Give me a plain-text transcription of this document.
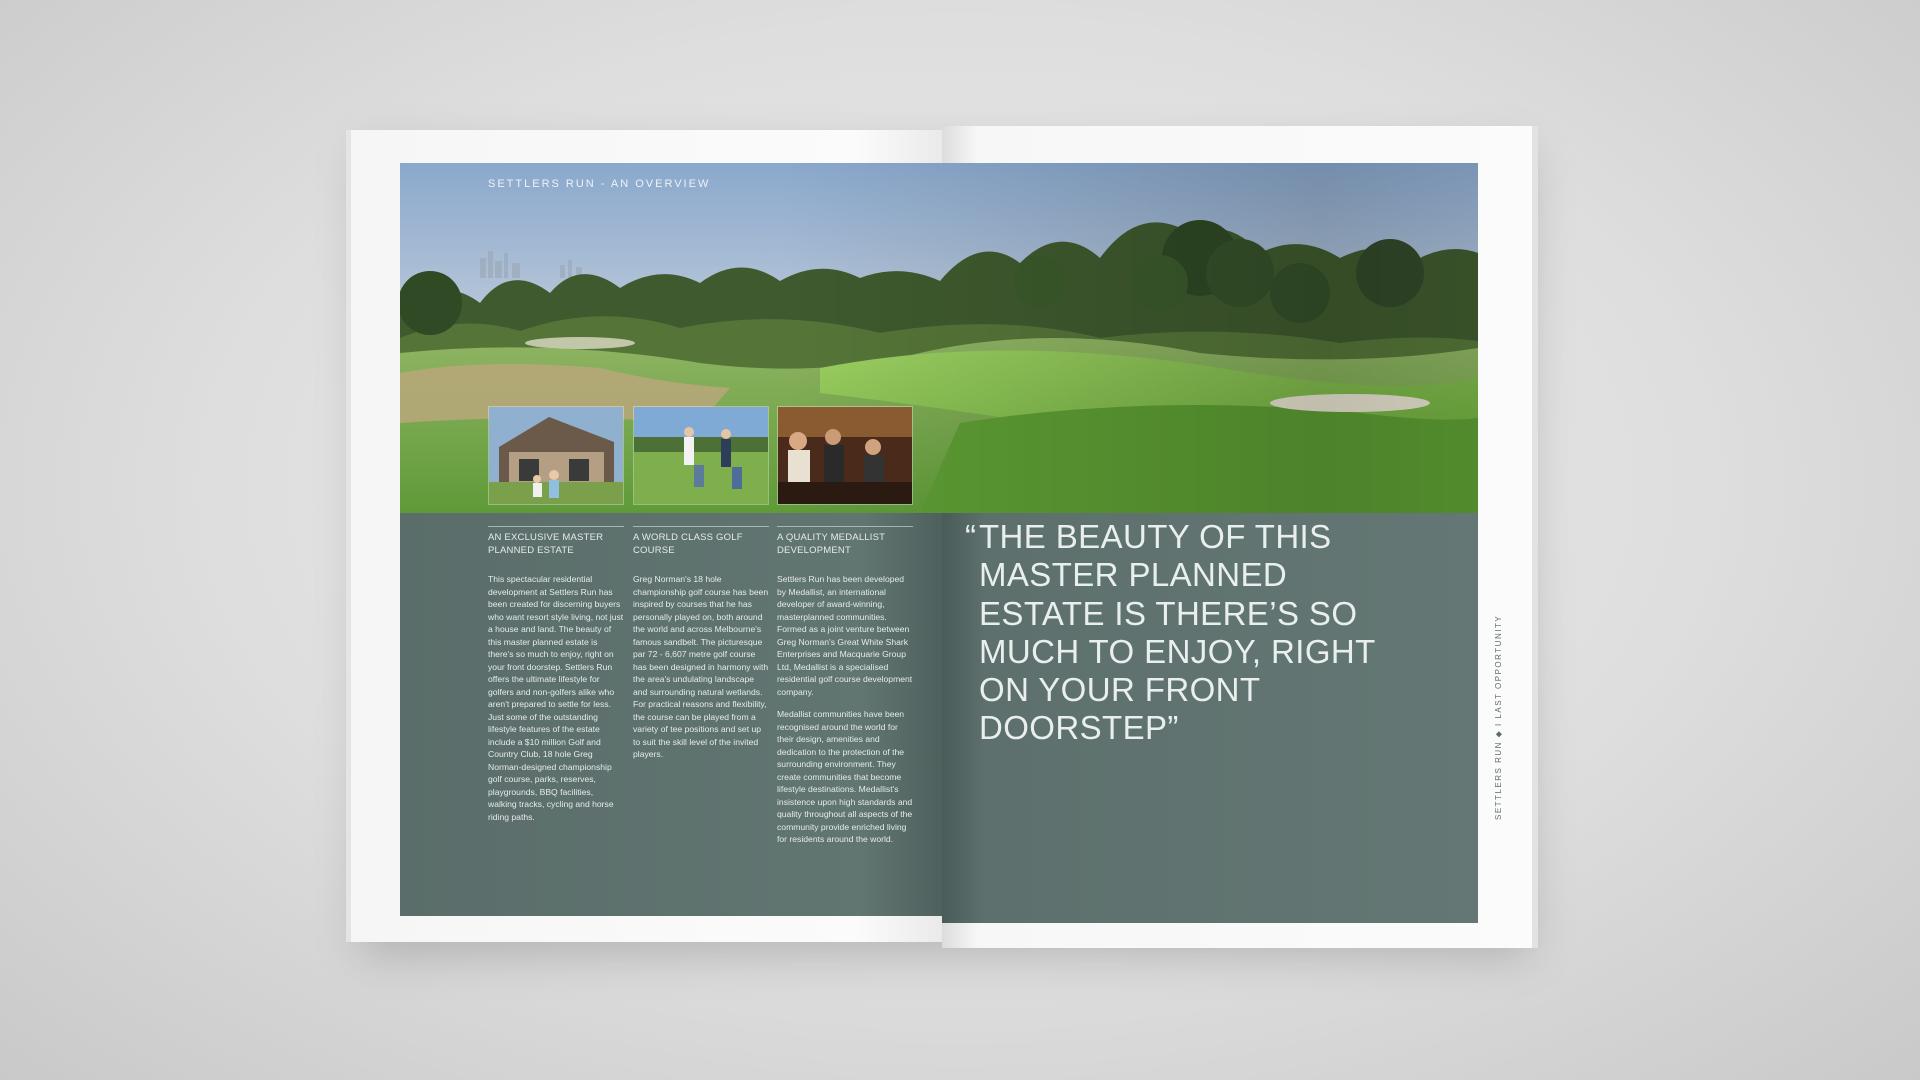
SETTLERS RUN - AN OVERVIEW
AN EXCLUSIVE MASTER PLANNED ESTATE

This spectacular residential development at Settlers Run has been created for discerning buyers who want resort style living, not just a house and land. The beauty of this master planned estate is there's so much to enjoy, right on your front doorstep. Settlers Run offers the ultimate lifestyle for golfers and non-golfers alike who aren't prepared to settle for less. Just some of the outstanding lifestyle features of the estate include a $10 million Golf and Country Club, 18 hole Greg Norman-designed championship golf course, parks, reserves, playgrounds, BBQ facilities, walking tracks, cycling and horse riding paths.

A WORLD CLASS GOLF COURSE

Greg Norman's 18 hole championship golf course has been inspired by courses that he has personally played on, both around the world and across Melbourne's famous sandbelt. The picturesque par 72 - 6,607 metre golf course has been designed in harmony with the area's undulating landscape and surrounding natural wetlands. For practical reasons and flexibility, the course can be played from a variety of tee positions and set up to suit the skill level of the invited players.

A QUALITY MEDALLIST DEVELOPMENT

Settlers Run has been developed by Medallist, an international developer of award-winning, masterplanned communities. Formed as a joint venture between Greg Norman's Great White Shark Enterprises and Macquarie Group Ltd, Medallist is a specialised residential golf course development company.

Medallist communities have been recognised around the world for their design, amenities and dedication to the protection of the surrounding environment. They create communities that become lifestyle destinations. Medallist's insistence upon high standards and quality throughout all aspects of the community provide enriched living for residents around the world.

“ THE BEAUTY OF THIS MASTER PLANNED ESTATE IS THERE’S SO MUCH TO ENJOY, RIGHT ON YOUR FRONT DOORSTEP”	SETTLERS RUN ◆ I LAST OPPORTUNITY
